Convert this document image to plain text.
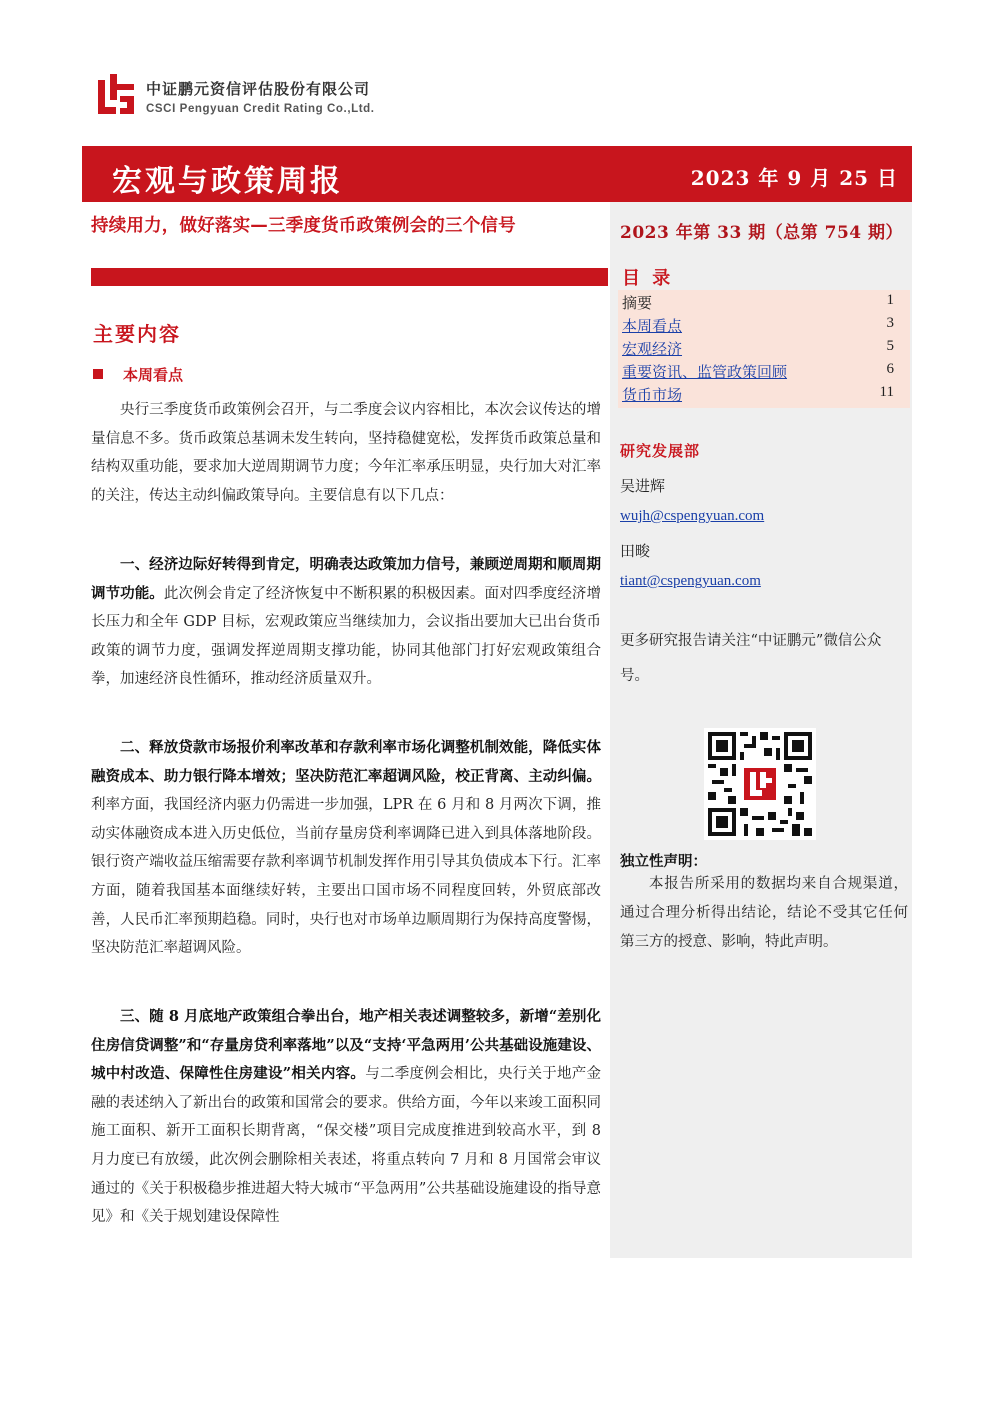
中证鹏元资信评估股份有限公司
CSCI Pengyuan Credit Rating Co.,Ltd.
宏观与政策周报	2023 年 9 月 25 日
持续用力，做好落实—三季度货币政策例会的三个信号
主要内容
本周看点
央行三季度货币政策例会召开，与二季度会议内容相比，本次会议传达的增量信息不多。货币政策总基调未发生转向，坚持稳健宽松，发挥货币政策总量和结构双重功能，要求加大逆周期调节力度；今年汇率承压明显，央行加大对汇率的关注，传达主动纠偏政策导向。主要信息有以下几点：
一、经济边际好转得到肯定，明确表达政策加力信号，兼顾逆周期和顺周期调节功能。此次例会肯定了经济恢复中不断积累的积极因素。面对四季度经济增长压力和全年 GDP 目标，宏观政策应当继续加力，会议指出要加大已出台货币政策的调节力度，强调发挥逆周期支撑功能，协同其他部门打好宏观政策组合拳，加速经济良性循环，推动经济质量双升。
二、释放贷款市场报价利率改革和存款利率市场化调整机制效能，降低实体融资成本、助力银行降本增效；坚决防范汇率超调风险，校正背离、主动纠偏。利率方面，我国经济内驱力仍需进一步加强，LPR 在 6 月和 8 月两次下调，推动实体融资成本进入历史低位，当前存量房贷利率调降已进入到具体落地阶段。银行资产端收益压缩需要存款利率调节机制发挥作用引导其负债成本下行。汇率方面，随着我国基本面继续好转，主要出口国市场不同程度回转，外贸底部改善，人民币汇率预期趋稳。同时，央行也对市场单边顺周期行为保持高度警惕，坚决防范汇率超调风险。
三、随 8 月底地产政策组合拳出台，地产相关表述调整较多，新增“差别化住房信贷调整”和“存量房贷利率落地”以及“支持‘平急两用’公共基础设施建设、城中村改造、保障性住房建设”相关内容。与二季度例会相比，央行关于地产金融的表述纳入了新出台的政策和国常会的要求。供给方面，今年以来竣工面积同施工面积、新开工面积长期背离，“保交楼”项目完成度推进到较高水平，到 8 月力度已有放缓，此次例会删除相关表述，将重点转向 7 月和 8 月国常会审议通过的《关于积极稳步推进超大特大城市“平急两用”公共基础设施建设的指导意见》和《关于规划建设保障性
2023 年第 33 期（总第 754 期）
目 录
摘要	1
本周看点	3
宏观经济	5
重要资讯、监管政策回顾	6
货币市场	11
研究发展部
吴进辉
wujh@cspengyuan.com
田畯
tiant@cspengyuan.com
更多研究报告请关注“中证鹏元”微信公众号。
独立性声明：
本报告所采用的数据均来自合规渠道，通过合理分析得出结论，结论不受其它任何第三方的授意、影响，特此声明。
